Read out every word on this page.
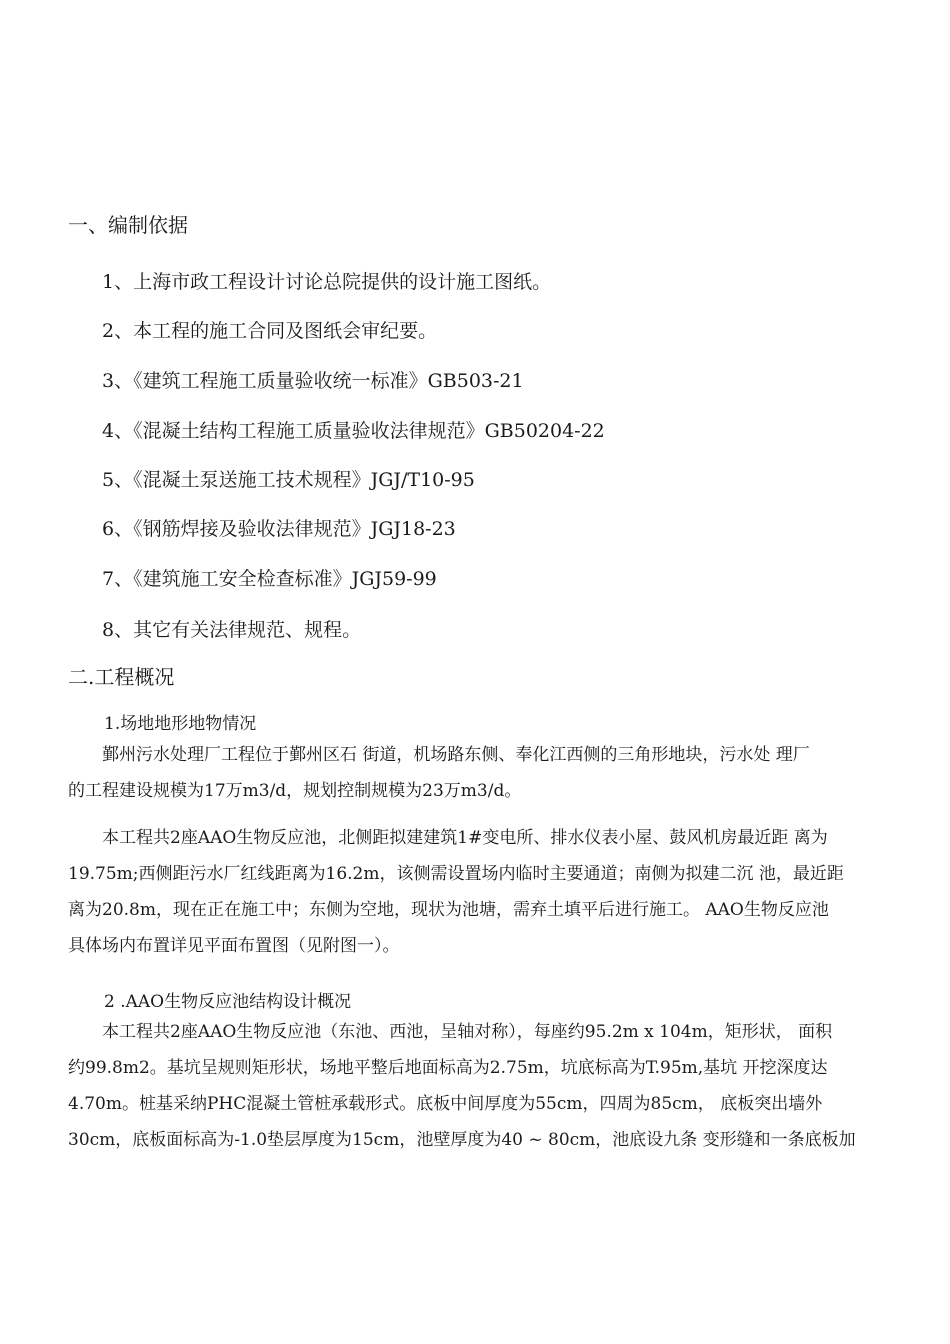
一、编制依据
1、上海市政工程设计讨论总院提供的设计施工图纸。
2、本工程的施工合同及图纸会审纪要。
3、《建筑工程施工质量验收统一标准》GB503-21
4、《混凝土结构工程施工质量验收法律规范》GB50204-22
5、《混凝土泵送施工技术规程》JGJ/T10-95
6、《钢筋焊接及验收法律规范》JGJ18-23
7、《建筑施工安全检查标准》JGJ59-99
8、其它有关法律规范、规程。
二.工程概况
1.场地地形地物情况
鄞州污水处理厂工程位于鄞州区石 街道，机场路东侧、奉化江西侧的三角形地块，污水处 理厂
的工程建设规模为17万m3/d，规划控制规模为23万m3/d。
本工程共2座AAO生物反应池，北侧距拟建建筑1#变电所、排水仪表小屋、鼓风机房最近距 离为
19.75m;西侧距污水厂红线距离为16.2m，该侧需设置场内临时主要通道；南侧为拟建二沉 池，最近距
离为20.8m，现在正在施工中；东侧为空地，现状为池塘，需弃土填平后进行施工。 AAO生物反应池
具体场内布置详见平面布置图（见附图一）。
2 .AAO生物反应池结构设计概况
本工程共2座AAO生物反应池（东池、西池，呈轴对称），每座约95.2m x 104m，矩形状， 面积
约99.8m2。基坑呈规则矩形状，场地平整后地面标高为2.75m，坑底标高为T.95m,基坑 开挖深度达
4.70m。桩基采纳PHC混凝土管桩承载形式。底板中间厚度为55cm，四周为85cm， 底板突出墙外
30cm，底板面标高为-1.0垫层厚度为15cm，池壁厚度为40 ~ 80cm，池底设九条 变形缝和一条底板加
